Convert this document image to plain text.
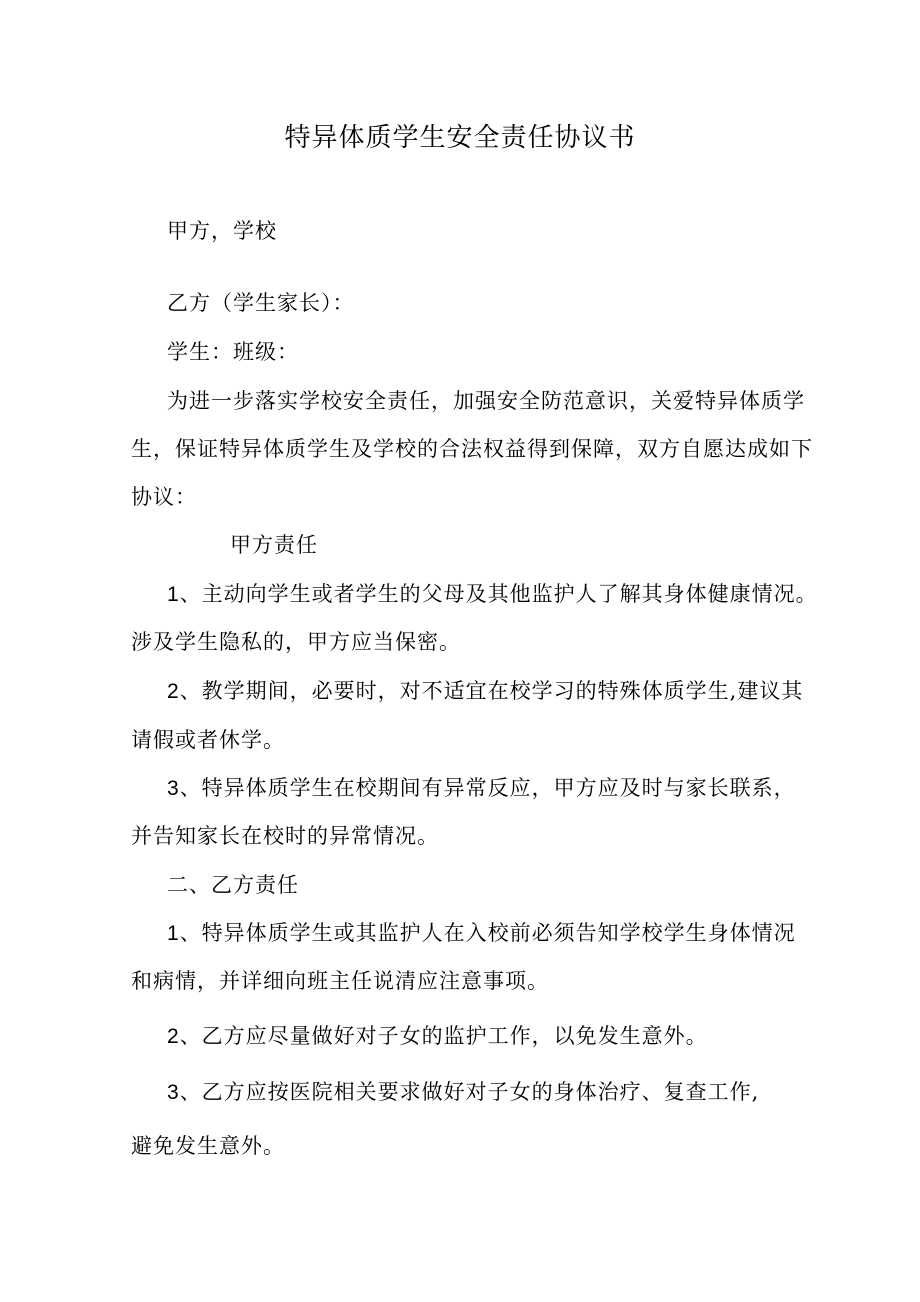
特异体质学生安全责任协议书
甲方，学校
乙方（学生家长）：
学生：班级：
为进一步落实学校安全责任，加强安全防范意识，关爱特异体质学
生，保证特异体质学生及学校的合法权益得到保障，双方自愿达成如下
协议：
甲方责任
1、主动向学生或者学生的父母及其他监护人了解其身体健康情况。
涉及学生隐私的，甲方应当保密。
2、教学期间，必要时，对不适宜在校学习的特殊体质学生,建议其
请假或者休学。
3、特异体质学生在校期间有异常反应，甲方应及时与家长联系，
并告知家长在校时的异常情况。
二、乙方责任
1、特异体质学生或其监护人在入校前必须告知学校学生身体情况
和病情，并详细向班主任说清应注意事项。
2、乙方应尽量做好对子女的监护工作，以免发生意外。
3、乙方应按医院相关要求做好对子女的身体治疗、复查工作,
避免发生意外。
